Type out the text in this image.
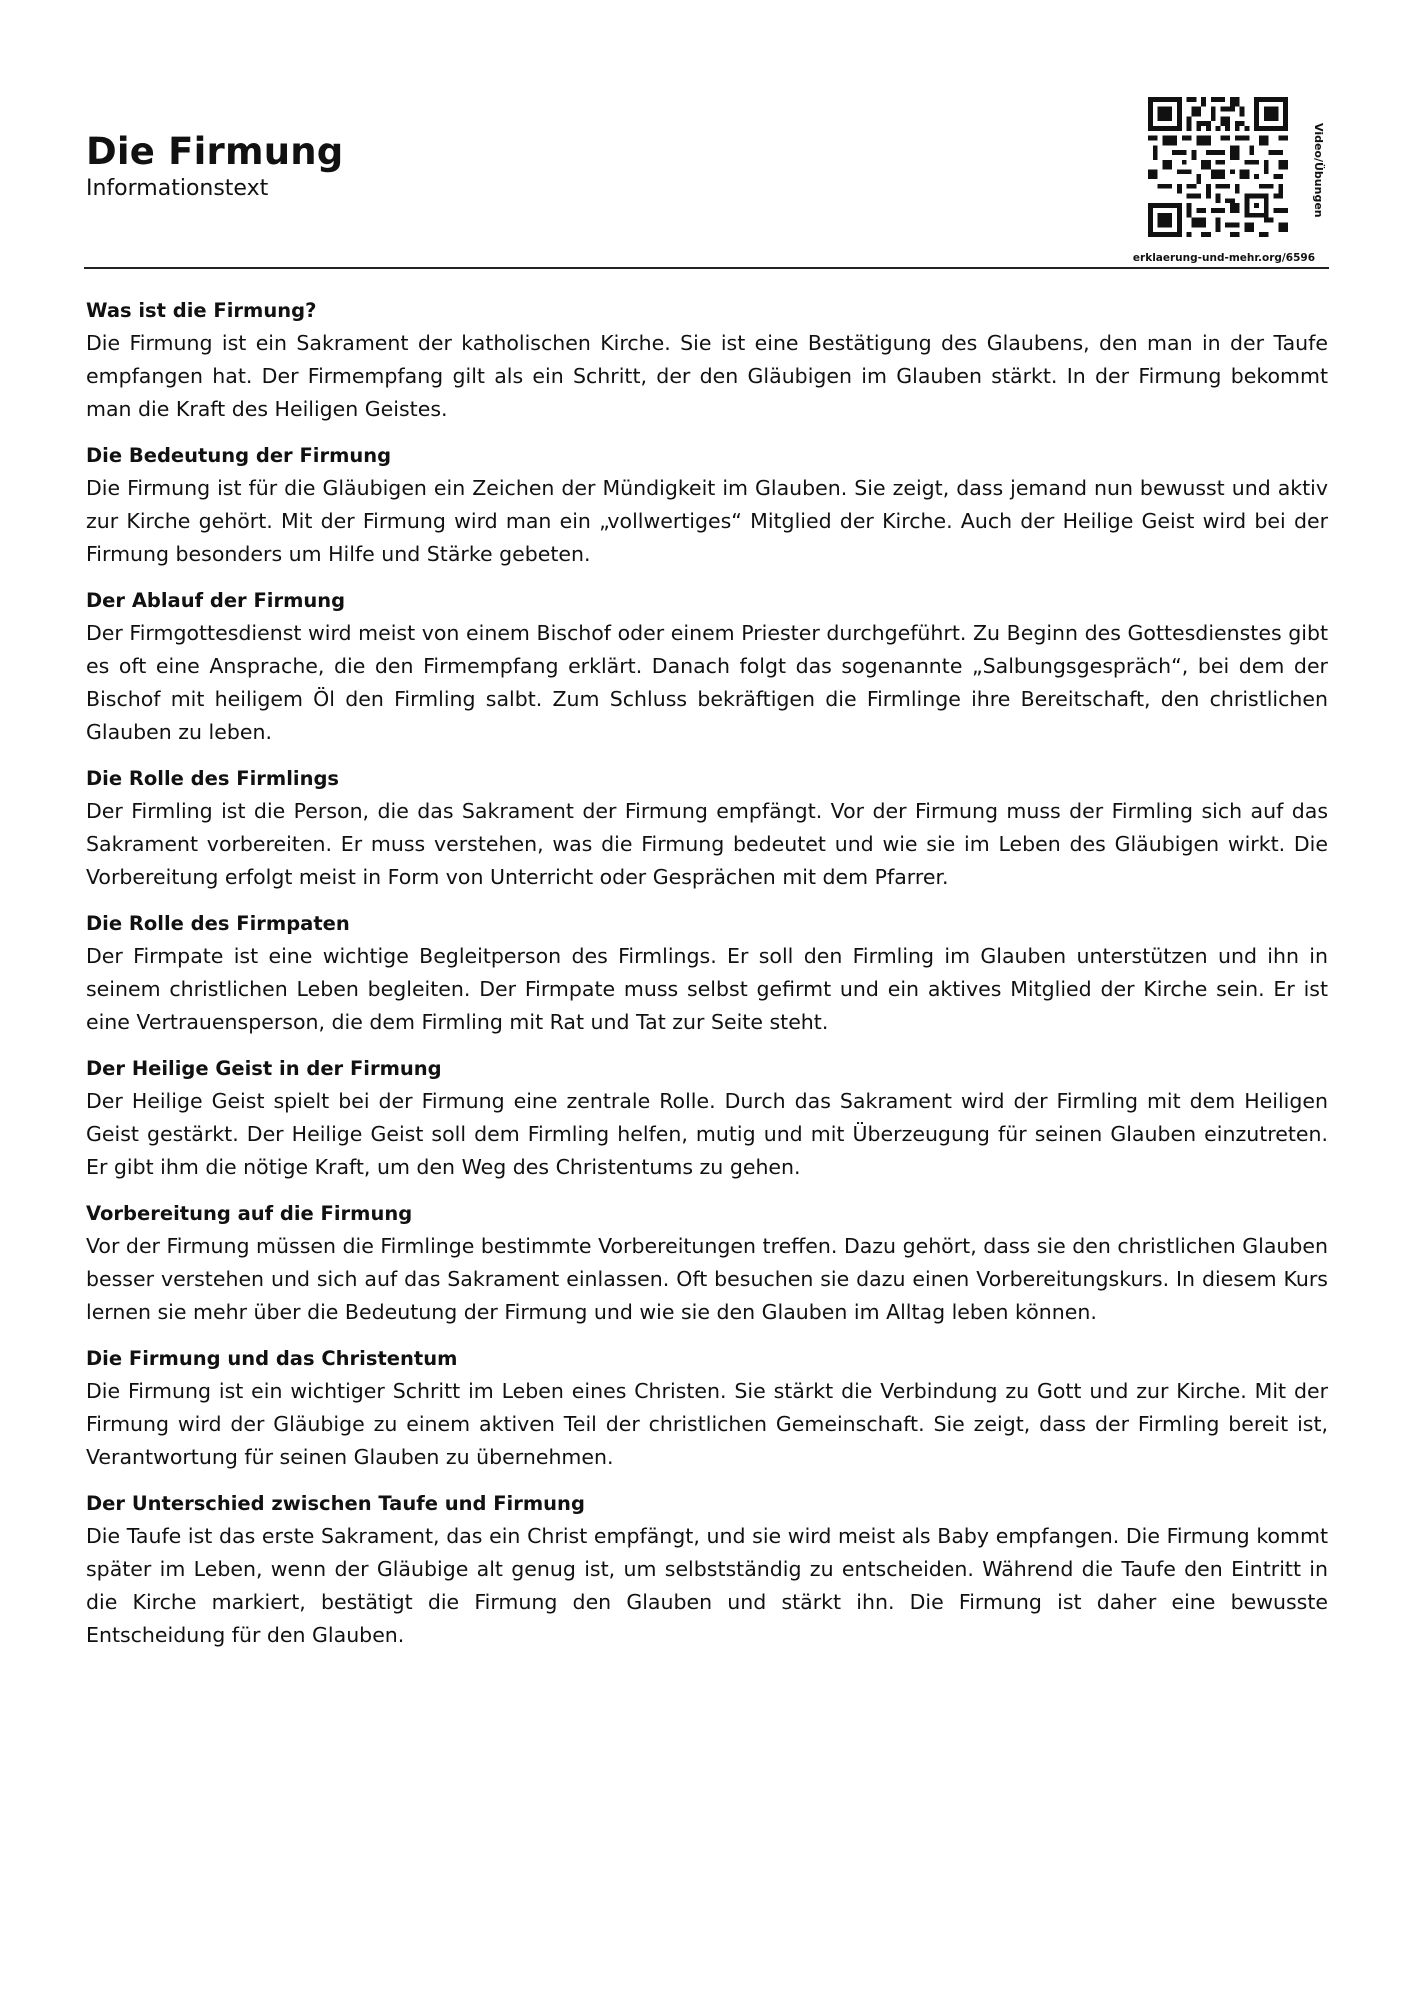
Die Firmung
Informationstext	Video/Übungen
erklaerung-und-mehr.org/6596
Was ist die Firmung?

Die Firmung ist ein Sakrament der katholischen Kirche. Sie ist eine Bestätigung des Glaubens, den man in der Taufe empfangen hat. Der Firmempfang gilt als ein Schritt, der den Gläubigen im Glauben stärkt. In der Firmung bekommt man die Kraft des Heiligen Geistes.

Die Bedeutung der Firmung

Die Firmung ist für die Gläubigen ein Zeichen der Mündigkeit im Glauben. Sie zeigt, dass jemand nun bewusst und aktiv zur Kirche gehört. Mit der Firmung wird man ein „vollwertiges“ Mitglied der Kirche. Auch der Heilige Geist wird bei der Firmung besonders um Hilfe und Stärke gebeten.

Der Ablauf der Firmung

Der Firmgottesdienst wird meist von einem Bischof oder einem Priester durchgeführt. Zu Beginn des Gottesdienstes gibt es oft eine Ansprache, die den Firmempfang erklärt. Danach folgt das sogenannte „Salbungsgespräch“, bei dem der Bischof mit heiligem Öl den Firmling salbt. Zum Schluss bekräftigen die Firmlinge ihre Bereitschaft, den christlichen Glauben zu leben.

Die Rolle des Firmlings

Der Firmling ist die Person, die das Sakrament der Firmung empfängt. Vor der Firmung muss der Firmling sich auf das Sakrament vorbereiten. Er muss verstehen, was die Firmung bedeutet und wie sie im Leben des Gläubigen wirkt. Die Vorbereitung erfolgt meist in Form von Unterricht oder Gesprächen mit dem Pfarrer.

Die Rolle des Firmpaten

Der Firmpate ist eine wichtige Begleitperson des Firmlings. Er soll den Firmling im Glauben unterstützen und ihn in seinem christlichen Leben begleiten. Der Firmpate muss selbst gefirmt und ein aktives Mitglied der Kirche sein. Er ist eine Vertrauensperson, die dem Firmling mit Rat und Tat zur Seite steht.

Der Heilige Geist in der Firmung

Der Heilige Geist spielt bei der Firmung eine zentrale Rolle. Durch das Sakrament wird der Firmling mit dem Heiligen Geist gestärkt. Der Heilige Geist soll dem Firmling helfen, mutig und mit Überzeugung für seinen Glauben einzutreten. Er gibt ihm die nötige Kraft, um den Weg des Christentums zu gehen.

Vorbereitung auf die Firmung

Vor der Firmung müssen die Firmlinge bestimmte Vorbereitungen treffen. Dazu gehört, dass sie den christlichen Glauben besser verstehen und sich auf das Sakrament einlassen. Oft besuchen sie dazu einen Vorbereitungskurs. In diesem Kurs lernen sie mehr über die Bedeutung der Firmung und wie sie den Glauben im Alltag leben können.

Die Firmung und das Christentum

Die Firmung ist ein wichtiger Schritt im Leben eines Christen. Sie stärkt die Verbindung zu Gott und zur Kirche. Mit der Firmung wird der Gläubige zu einem aktiven Teil der christlichen Gemeinschaft. Sie zeigt, dass der Firmling bereit ist, Verantwortung für seinen Glauben zu übernehmen.

Der Unterschied zwischen Taufe und Firmung

Die Taufe ist das erste Sakrament, das ein Christ empfängt, und sie wird meist als Baby empfangen. Die Firmung kommt später im Leben, wenn der Gläubige alt genug ist, um selbstständig zu entscheiden. Während die Taufe den Eintritt in die Kirche markiert, bestätigt die Firmung den Glauben und stärkt ihn. Die Firmung ist daher eine bewusste Entscheidung für den Glauben.
